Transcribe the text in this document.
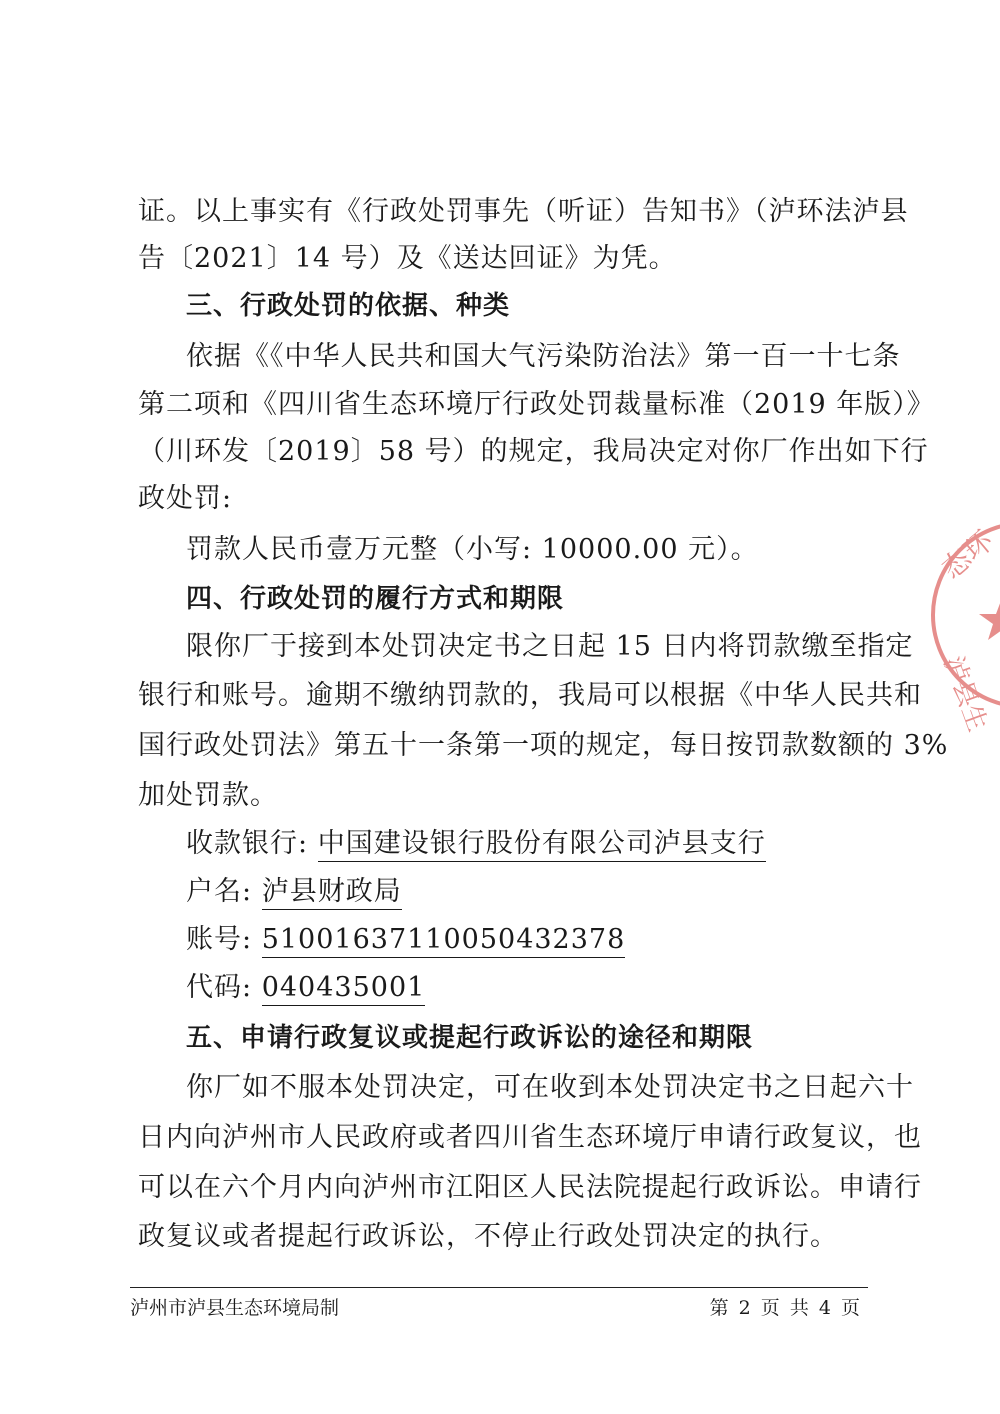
证。以上事实有《行政处罚事先（听证）告知书》（泸环法泸县
告〔2021〕14 号）及《送达回证》为凭。
三、行政处罚的依据、种类
依据《《中华人民共和国大气污染防治法》第一百一十七条
第二项和《四川省生态环境厅行政处罚裁量标准（2019 年版）》
（川环发〔2019〕58 号）的规定，我局决定对你厂作出如下行
政处罚:
罚款人民币壹万元整（小写: 10000.00 元）。
四、行政处罚的履行方式和期限
限你厂于接到本处罚决定书之日起 15 日内将罚款缴至指定
银行和账号。逾期不缴纳罚款的，我局可以根据《中华人民共和
国行政处罚法》第五十一条第一项的规定，每日按罚款数额的 3%
加处罚款。
收款银行: 中国建设银行股份有限公司泸县支行
户名: 泸县财政局
账号: 51001637110050432378
代码: 040435001
五、申请行政复议或提起行政诉讼的途径和期限
你厂如不服本处罚决定，可在收到本处罚决定书之日起六十
日内向泸州市人民政府或者四川省生态环境厅申请行政复议，也
可以在六个月内向泸州市江阳区人民法院提起行政诉讼。申请行
政复议或者提起行政诉讼，不停止行政处罚决定的执行。
泸州市泸县生态环境局制	第 2 页 共 4 页
态环
泸县生
